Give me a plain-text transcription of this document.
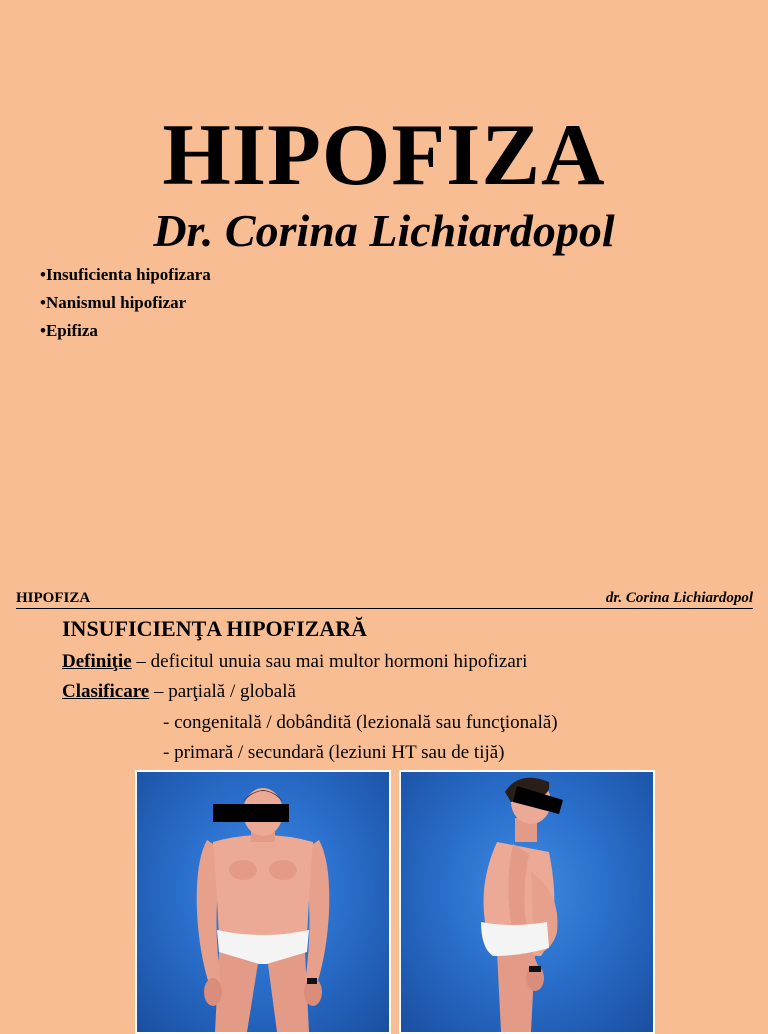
HIPOFIZA
Dr. Corina Lichiardopol
•Insuficienta hipofizara
•Nanismul hipofizar
•Epifiza
HIPOFIZA	dr. Corina Lichiardopol
INSUFICIENŢA HIPOFIZARĂ
Definiţie – deficitul unuia sau mai multor hormoni hipofizari
Clasificare – parţială / globală
- congenitală / dobândită (lezională sau funcţională)
- primară / secundară (leziuni HT sau de tijă)
